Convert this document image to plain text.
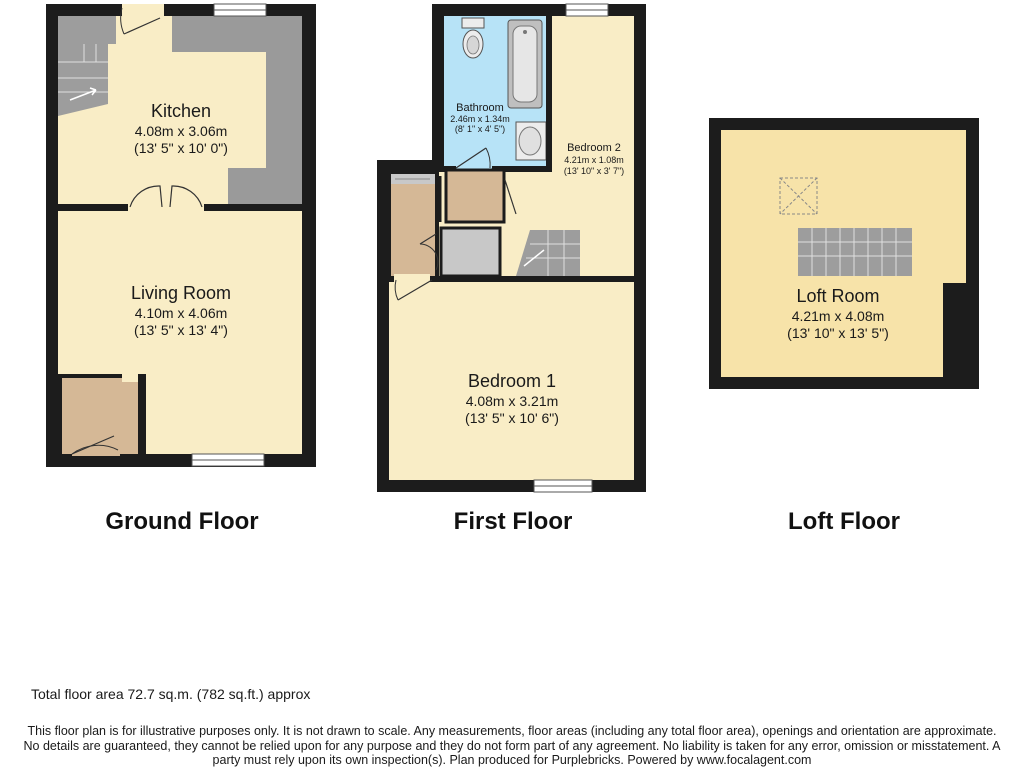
Kitchen
4.08m x 3.06m
(13' 5" x 10' 0")
Living Room
4.10m x 4.06m
(13' 5" x 13' 4")
Bathroom
2.46m x 1.34m
(8' 1" x 4' 5")
Bedroom 2
4.21m x 1.08m
(13' 10" x 3' 7")
Bedroom 1
4.08m x 3.21m
(13' 5" x 10' 6")
Loft Room
4.21m x 4.08m
(13' 10" x 13' 5")
Ground Floor	First Floor	Loft Floor
Total floor area 72.7 sq.m. (782 sq.ft.) approx
This floor plan is for illustrative purposes only. It is not drawn to scale. Any measurements, floor areas (including any total floor area), openings and orientation are approximate. No details are guaranteed, they cannot be relied upon for any purpose and they do not form part of any agreement. No liability is taken for any error, omission or misstatement. A party must rely upon its own inspection(s). Plan produced for Purplebricks. Powered by www.focalagent.com
